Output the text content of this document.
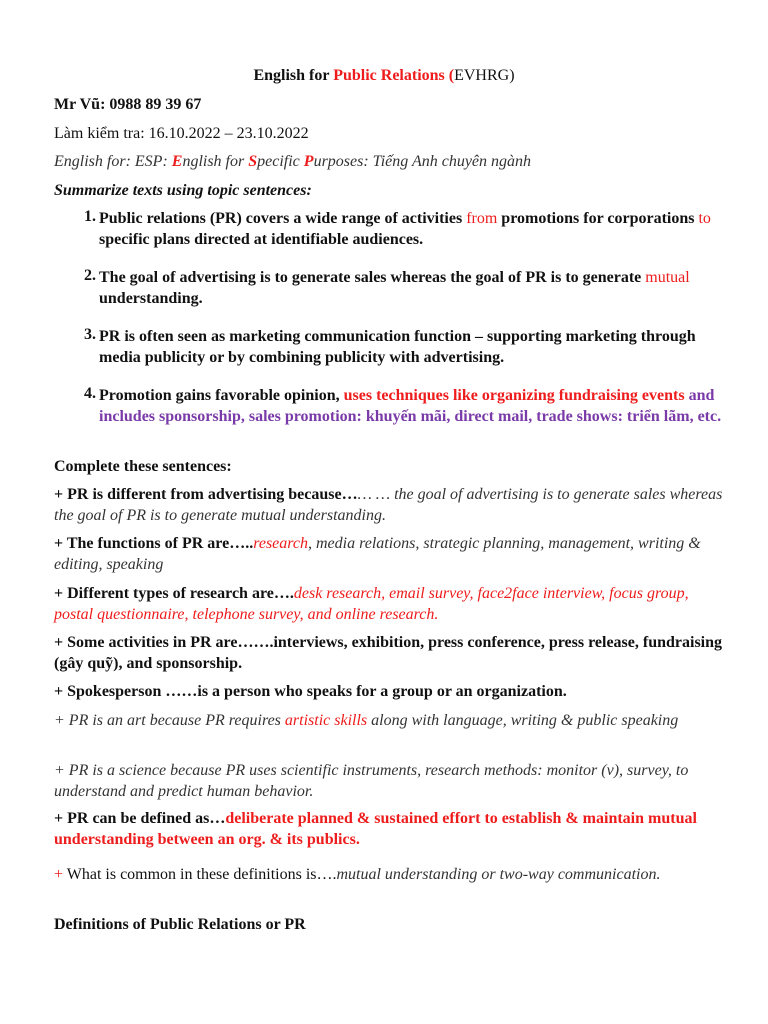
English for Public Relations (EVHRG)
Mr Vũ: 0988 89 39 67
Làm kiểm tra: 16.10.2022 – 23.10.2022
English for: ESP: English for Specific Purposes: Tiếng Anh chuyên ngành
Summarize texts using topic sentences:
1. Public relations (PR) covers a wide range of activities from promotions for corporations to specific plans directed at identifiable audiences.
2. The goal of advertising is to generate sales whereas the goal of PR is to generate mutual understanding.
3. PR is often seen as marketing communication function – supporting marketing through media publicity or by combining publicity with advertising.
4. Promotion gains favorable opinion, uses techniques like organizing fundraising events and includes sponsorship, sales promotion: khuyến mãi, direct mail, trade shows: triển lãm, etc.
Complete these sentences:
+ PR is different from advertising because…… … the goal of advertising is to generate sales whereas the goal of PR is to generate mutual understanding.
+ The functions of PR are…..research, media relations, strategic planning, management, writing & editing, speaking
+ Different types of research are….desk research, email survey, face2face interview, focus group, postal questionnaire, telephone survey, and online research.
+ Some activities in PR are…….interviews, exhibition, press conference, press release, fundraising (gây quỹ), and sponsorship.
+ Spokesperson ……is a person who speaks for a group or an organization.
+ PR is an art because PR requires artistic skills along with language, writing & public speaking
+ PR is a science because PR uses scientific instruments, research methods: monitor (v), survey, to understand and predict human behavior.
+ PR can be defined as…deliberate planned & sustained effort to establish & maintain mutual understanding between an org. & its publics.
+ What is common in these definitions is….mutual understanding or two-way communication.
Definitions of Public Relations or PR
